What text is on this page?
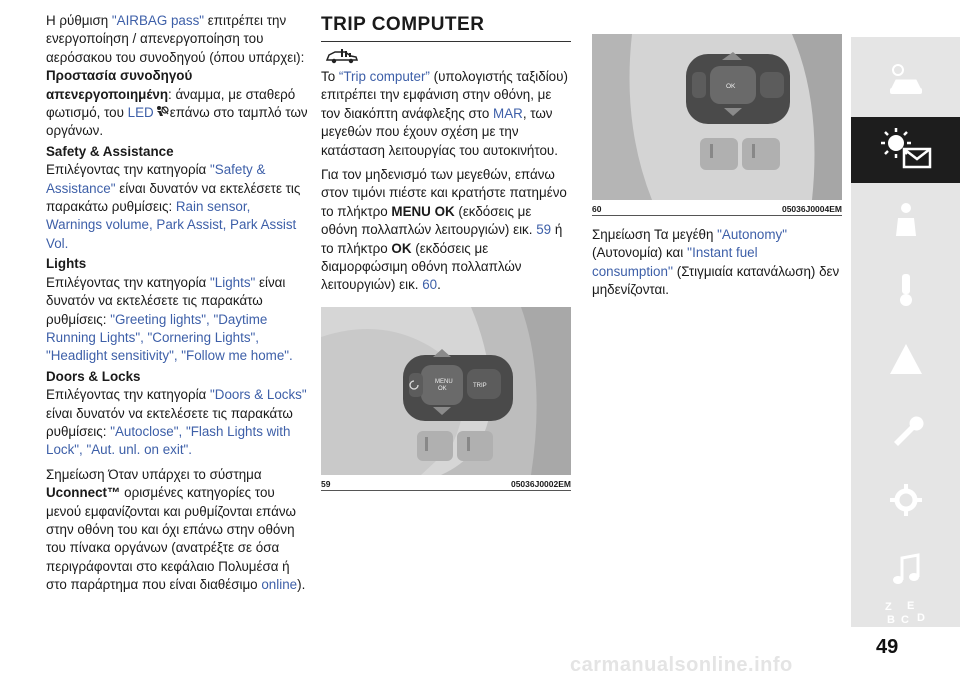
Η ρύθμιση "AIRBAG pass" επιτρέπει την ενεργοποίηση / απενεργοποίηση του αερόσακου του συνοδηγού (όπου υπάρχει): Προστασία συνοδηγού απενεργοποιημένη: άναμμα, με σταθερό φωτισμό, του LED επάνω στο ταμπλό των οργάνων.

Safety & Assistance
Επιλέγοντας την κατηγορία "Safety & Assistance" είναι δυνατόν να εκτελέσετε τις παρακάτω ρυθμίσεις: Rain sensor, Warnings volume, Park Assist, Park Assist Vol.

Lights
Επιλέγοντας την κατηγορία "Lights" είναι δυνατόν να εκτελέσετε τις παρακάτω ρυθμίσεις: "Greeting lights", "Daytime Running Lights", "Cornering Lights", "Headlight sensitivity", "Follow me home".

Doors & Locks
Επιλέγοντας την κατηγορία "Doors & Locks" είναι δυνατόν να εκτελέσετε τις παρακάτω ρυθμίσεις: "Autoclose", "Flash Lights with Lock", "Aut. unl. on exit".

Σημείωση Όταν υπάρχει το σύστημα Uconnect™ ορισμένες κατηγορίες του μενού εμφανίζονται και ρυθμίζονται επάνω στην οθόνη του και όχι επάνω στην οθόνη του πίνακα οργάνων (ανατρέξτε σε όσα περιγράφονται στο κεφάλαιο Πολυμέσα ή στο παράρτημα που είναι διαθέσιμο online).

TRIP COMPUTER

Το “Trip computer” (υπολογιστής ταξιδίου) επιτρέπει την εμφάνιση στην οθόνη, με τον διακόπτη ανάφλεξης στο MAR, των μεγεθών που έχουν σχέση με την κατάσταση λειτουργίας του αυτοκινήτου.

Για τον μηδενισμό των μεγεθών, επάνω στον τιμόνι πιέστε και κρατήστε πατημένο το πλήκτρο MENU OK (εκδόσεις με οθόνη πολλαπλών λειτουργιών) εικ. 59 ή το πλήκτρο OK (εκδόσεις με διαμορφώσιμη οθόνη πολλαπλών λειτουργιών) εικ. 60.

MENU
OK	TRIP
59	05036J0002EM
OK
60	05036J0004EM

Σημείωση Τα μεγέθη "Autonomy" (Αυτονομία) και ''Instant fuel consumption'' (Στιγμιαία κατανάλωση) δεν μηδενίζονται.

Z E
B C D
49
carmanualsonline.info
